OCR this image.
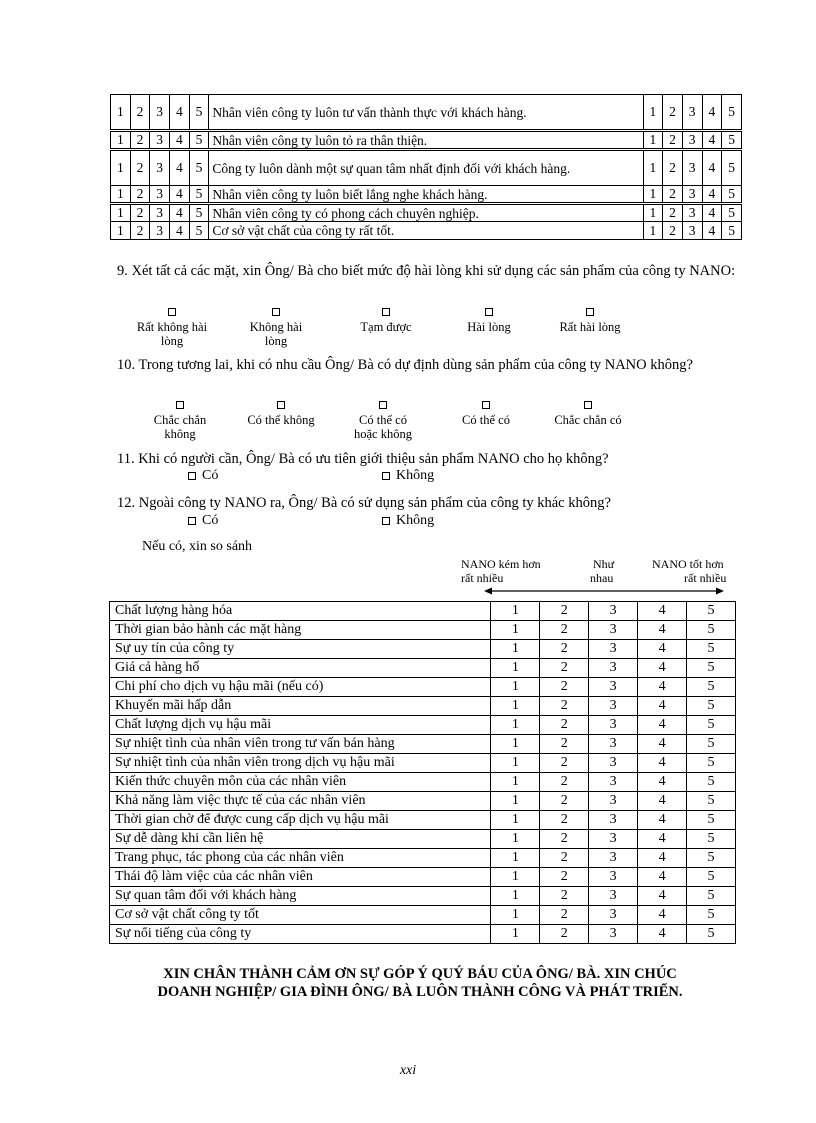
1	2	3	4	5	Nhân viên công ty luôn tư vấn thành thực với khách hàng.	1	2	3	4	5
1	2	3	4	5	Nhân viên công ty luôn tỏ ra thân thiện.	1	2	3	4	5
1	2	3	4	5	Công ty luôn dành một sự quan tâm nhất định đối với khách hàng.	1	2	3	4	5
1	2	3	4	5	Nhân viên công ty luôn biết lắng nghe khách hàng.	1	2	3	4	5
1	2	3	4	5	Nhân viên công ty có phong cách chuyên nghiệp.	1	2	3	4	5
1	2	3	4	5	Cơ sở vật chất của công ty rất tốt.	1	2	3	4	5
9. Xét tất cả các mặt, xin Ông/ Bà cho biết mức độ hài lòng khi sử dụng các sản phẩm của công ty NANO:
Rất không hài lòng
Không hài lòng
Tạm được	Hài lòng	Rất hài lòng
10. Trong tương lai, khi có nhu cầu Ông/ Bà có dự định dùng sản phẩm của công ty NANO không?
Chắc chắn không
Có thể không	Có thể có hoặc không
Có thể có	Chắc chắn có
11. Khi có người cần, Ông/ Bà có ưu tiên giới thiệu sản phẩm NANO cho họ không?
Có	Không
12. Ngoài công ty NANO ra, Ông/ Bà có sử dụng sản phẩm của công ty khác không?
Có	Không
Nếu có, xin so sánh
NANO kém hơn
rất nhiều
Như
nhau
NANO tốt hơn
rất nhiều
Chất lượng hàng hóa	1	2	3	4	5
Thời gian bảo hành các mặt hàng	1	2	3	4	5
Sự uy tín của công ty	1	2	3	4	5
Giá cả hàng hố	1	2	3	4	5
Chi phí cho dịch vụ hậu mãi (nếu có)	1	2	3	4	5
Khuyến mãi hấp dẫn	1	2	3	4	5
Chất lượng dịch vụ hậu mãi	1	2	3	4	5
Sự nhiệt tình của nhân viên trong tư vấn bán hàng	1	2	3	4	5
Sự nhiệt tình của nhân viên trong dịch vụ hậu mãi	1	2	3	4	5
Kiến thức chuyên môn của các nhân viên	1	2	3	4	5
Khả năng làm việc thực tế của các nhân viên	1	2	3	4	5
Thời gian chờ để được cung cấp dịch vụ hậu mãi	1	2	3	4	5
Sự dễ dàng khi cần liên hệ	1	2	3	4	5
Trang phục, tác phong của các nhân viên	1	2	3	4	5
Thái độ làm việc của các nhân viên	1	2	3	4	5
Sự quan tâm đối với khách hàng	1	2	3	4	5
Cơ sở vật chất công ty tốt	1	2	3	4	5
Sự nổi tiếng của công ty	1	2	3	4	5
XIN CHÂN THÀNH CẢM ƠN SỰ GÓP Ý QUÝ BÁU CỦA ÔNG/ BÀ. XIN CHÚC
DOANH NGHIỆP/ GIA ĐÌNH ÔNG/ BÀ LUÔN THÀNH CÔNG VÀ PHÁT TRIỂN.
xxi
